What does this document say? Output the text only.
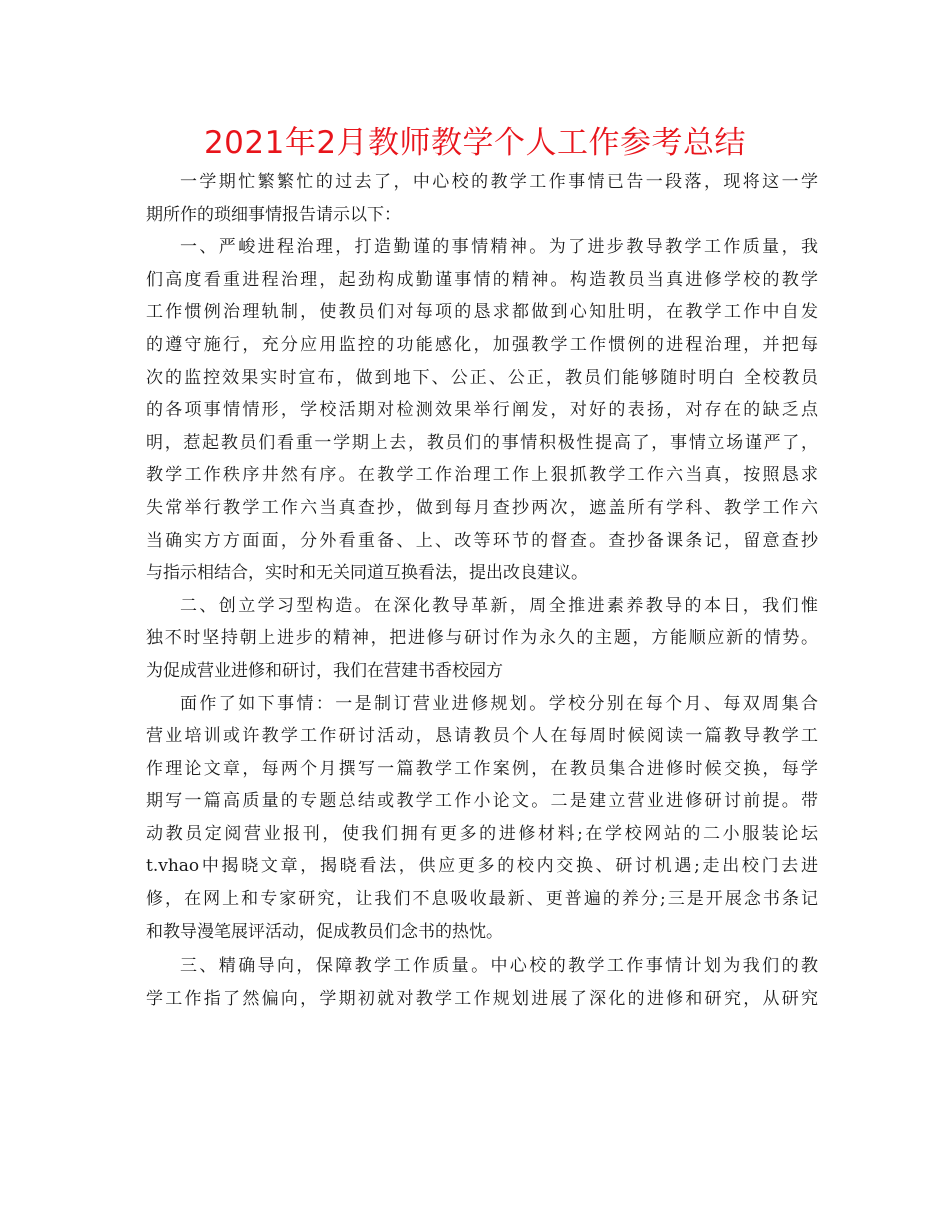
2021年2月教师教学个人工作参考总结
一学期忙繁繁忙的过去了，中心校的教学工作事情已告一段落，现将这一学
期所作的琐细事情报告请示以下：
一、严峻进程治理，打造勤谨的事情精神。为了进步教导教学工作质量，我
们高度看重进程治理，起劲构成勤谨事情的精神。构造教员当真进修学校的教学
工作惯例治理轨制，使教员们对每项的恳求都做到心知肚明，在教学工作中自发
的遵守施行，充分应用监控的功能感化，加强教学工作惯例的进程治理，并把每
次的监控效果实时宣布，做到地下、公正、公正，教员们能够随时明白 全校教员
的各项事情情形，学校活期对检测效果举行阐发，对好的表扬，对存在的缺乏点
明，惹起教员们看重一学期上去，教员们的事情积极性提高了，事情立场谨严了，
教学工作秩序井然有序。在教学工作治理工作上狠抓教学工作六当真，按照恳求
失常举行教学工作六当真查抄，做到每月查抄两次，遮盖所有学科、教学工作六
当确实方方面面，分外看重备、上、改等环节的督查。查抄备课条记，留意查抄
与指示相结合，实时和无关同道互换看法，提出改良建议。
二、创立学习型构造。在深化教导革新，周全推进素养教导的本日，我们惟
独不时坚持朝上进步的精神，把进修与研讨作为永久的主题，方能顺应新的情势。
为促成营业进修和研讨，我们在营建书香校园方
面作了如下事情：一是制订营业进修规划。学校分别在每个月、每双周集合
营业培训或许教学工作研讨活动，恳请教员个人在每周时候阅读一篇教导教学工
作理论文章，每两个月撰写一篇教学工作案例，在教员集合进修时候交换，每学
期写一篇高质量的专题总结或教学工作小论文。二是建立营业进修研讨前提。带
动教员定阅营业报刊，使我们拥有更多的进修材料;在学校网站的二小服装论坛
t.vhao中揭晓文章，揭晓看法，供应更多的校内交换、研讨机遇;走出校门去进
修，在网上和专家研究，让我们不息吸收最新、更普遍的养分;三是开展念书条记
和教导漫笔展评活动，促成教员们念书的热忱。
三、精确导向，保障教学工作质量。中心校的教学工作事情计划为我们的教
学工作指了然偏向，学期初就对教学工作规划进展了深化的进修和研究，从研究
